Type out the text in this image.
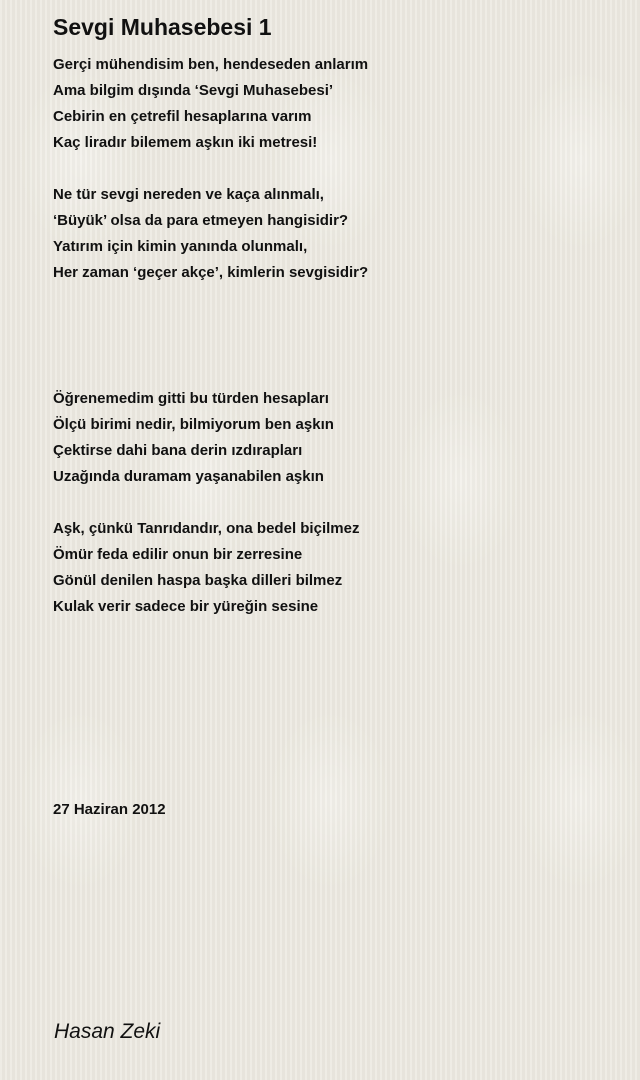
Sevgi Muhasebesi 1
Gerçi mühendisim ben, hendeseden anlarım
Ama bilgim dışında ‘Sevgi Muhasebesi’
Cebirin en çetrefil hesaplarına varım
Kaç liradır bilemem aşkın iki metresi!
Ne tür sevgi nereden ve kaça alınmalı,
‘Büyük’ olsa da para etmeyen hangisidir?
Yatırım için kimin yanında olunmalı,
Her zaman ‘geçer akçe’, kimlerin sevgisidir?
Öğrenemedim gitti bu türden hesapları
Ölçü birimi nedir, bilmiyorum ben aşkın
Çektirse dahi bana derin ızdırapları
Uzağında duramam yaşanabilen aşkın
Aşk, çünkü Tanrıdandır, ona bedel biçilmez
Ömür feda edilir onun bir zerresine
Gönül denilen haspa başka dilleri bilmez
Kulak verir sadece bir yüreğin sesine
27 Haziran 2012
Hasan Zeki
